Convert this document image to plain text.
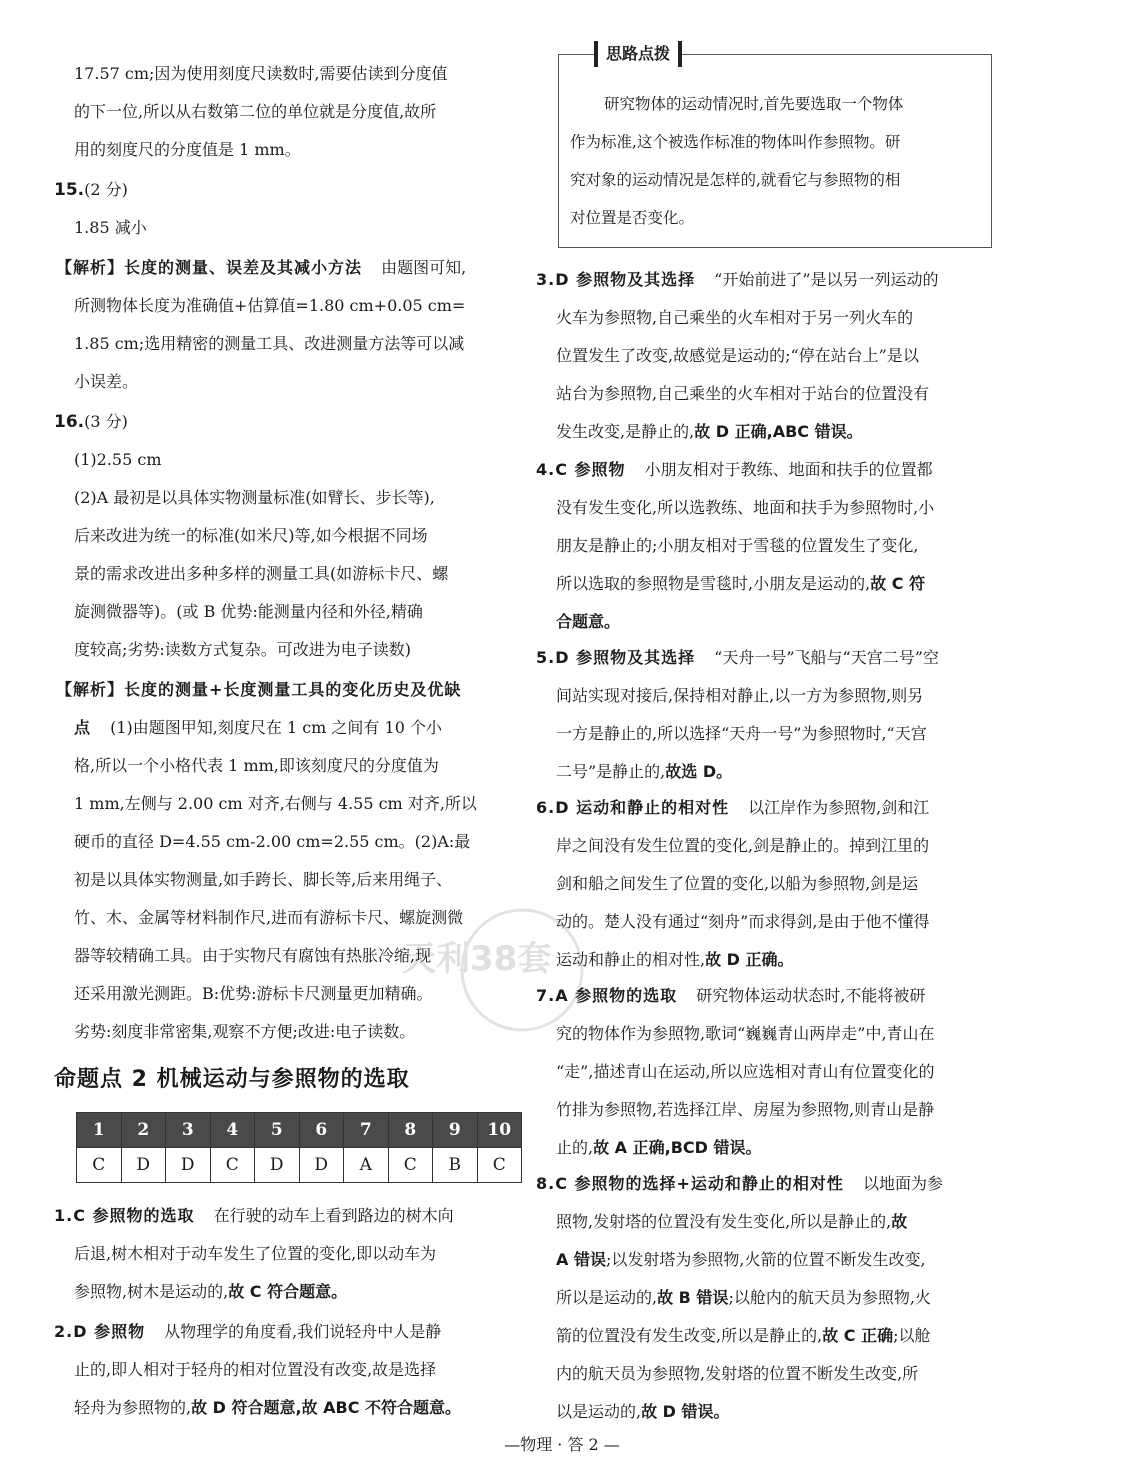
17.57 cm;因为使用刻度尺读数时,需要估读到分度值
的下一位,所以从右数第二位的单位就是分度值,故所
用的刻度尺的分度值是 1 mm。
15.(2 分)
1.85 减小
【解析】长度的测量、误差及其减小方法 由题图可知,
所测物体长度为准确值+估算值=1.80 cm+0.05 cm=
1.85 cm;选用精密的测量工具、改进测量方法等可以减
小误差。
16.(3 分)
(1)2.55 cm
(2)A 最初是以具体实物测量标准(如臂长、步长等),
后来改进为统一的标准(如米尺)等,如今根据不同场
景的需求改进出多种多样的测量工具(如游标卡尺、螺
旋测微器等)。(或 B 优势:能测量内径和外径,精确
度较高;劣势:读数方式复杂。可改进为电子读数)
【解析】长度的测量+长度测量工具的变化历史及优缺
点 (1)由题图甲知,刻度尺在 1 cm 之间有 10 个小
格,所以一个小格代表 1 mm,即该刻度尺的分度值为
1 mm,左侧与 2.00 cm 对齐,右侧与 4.55 cm 对齐,所以
硬币的直径 D=4.55 cm-2.00 cm=2.55 cm。(2)A:最
初是以具体实物测量,如手跨长、脚长等,后来用绳子、
竹、木、金属等材料制作尺,进而有游标卡尺、螺旋测微
器等较精确工具。由于实物尺有腐蚀有热胀冷缩,现
还采用激光测距。B:优势:游标卡尺测量更加精确。
劣势:刻度非常密集,观察不方便;改进:电子读数。
命题点 2 机械运动与参照物的选取
1	2	3	4	5	6	7	8	9	10
C	D	D	C	D	D	A	C	B	C
1.C 参照物的选取 在行驶的动车上看到路边的树木向
后退,树木相对于动车发生了位置的变化,即以动车为
参照物,树木是运动的,故 C 符合题意。
2.D 参照物 从物理学的角度看,我们说轻舟中人是静
止的,即人相对于轻舟的相对位置没有改变,故是选择
轻舟为参照物的,故 D 符合题意,故 ABC 不符合题意。
思路点拨
研究物体的运动情况时,首先要选取一个物体
作为标准,这个被选作标准的物体叫作参照物。研
究对象的运动情况是怎样的,就看它与参照物的相
对位置是否变化。
3.D 参照物及其选择 “开始前进了”是以另一列运动的
火车为参照物,自己乘坐的火车相对于另一列火车的
位置发生了改变,故感觉是运动的;“停在站台上”是以
站台为参照物,自己乘坐的火车相对于站台的位置没有
发生改变,是静止的,故 D 正确,ABC 错误。
4.C 参照物 小朋友相对于教练、地面和扶手的位置都
没有发生变化,所以选教练、地面和扶手为参照物时,小
朋友是静止的;小朋友相对于雪毯的位置发生了变化,
所以选取的参照物是雪毯时,小朋友是运动的,故 C 符
合题意。
5.D 参照物及其选择 “天舟一号”飞船与“天宫二号”空
间站实现对接后,保持相对静止,以一方为参照物,则另
一方是静止的,所以选择“天舟一号”为参照物时,“天宫
二号”是静止的,故选 D。
6.D 运动和静止的相对性 以江岸作为参照物,剑和江
岸之间没有发生位置的变化,剑是静止的。掉到江里的
剑和船之间发生了位置的变化,以船为参照物,剑是运
动的。楚人没有通过“刻舟”而求得剑,是由于他不懂得
运动和静止的相对性,故 D 正确。
7.A 参照物的选取 研究物体运动状态时,不能将被研
究的物体作为参照物,歌词“巍巍青山两岸走”中,青山在
“走”,描述青山在运动,所以应选相对青山有位置变化的
竹排为参照物,若选择江岸、房屋为参照物,则青山是静
止的,故 A 正确,BCD 错误。
8.C 参照物的选择+运动和静止的相对性 以地面为参
照物,发射塔的位置没有发生变化,所以是静止的,故
A 错误;以发射塔为参照物,火箭的位置不断发生改变,
所以是运动的,故 B 错误;以舱内的航天员为参照物,火
箭的位置没有发生改变,所以是静止的,故 C 正确;以舱
内的航天员为参照物,发射塔的位置不断发生改变,所
以是运动的,故 D 错误。
天利38套
—物理 · 答 2 —
